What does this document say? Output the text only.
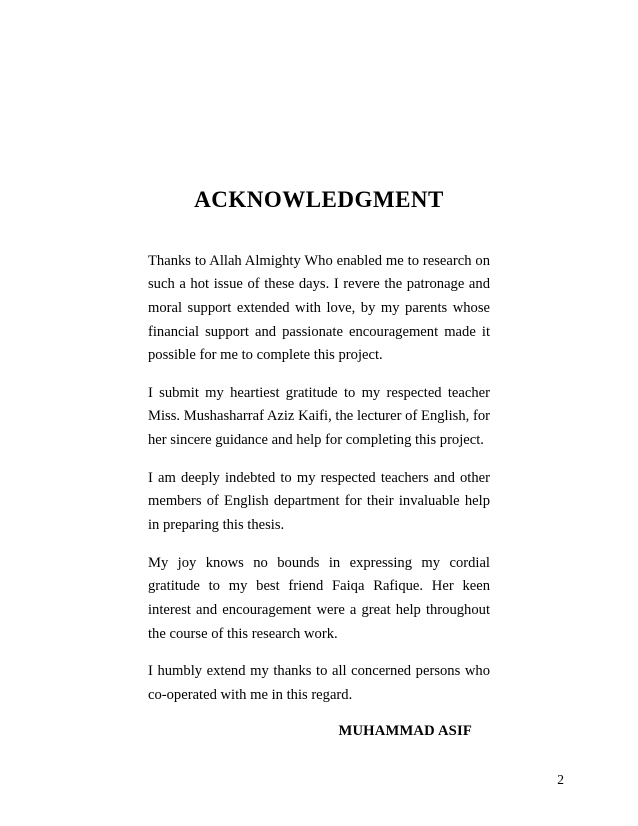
ACKNOWLEDGMENT

Thanks to Allah Almighty Who enabled me to research on such a hot issue of these days. I revere the patronage and moral support extended with love, by my parents whose financial support and passionate encouragement made it possible for me to complete this project.

I submit my heartiest gratitude to my respected teacher Miss. Mushasharraf Aziz Kaifi, the lecturer of English, for her sincere guidance and help for completing this project.

I am deeply indebted to my respected teachers and other members of English department for their invaluable help in preparing this thesis.

My joy knows no bounds in expressing my cordial gratitude to my best friend Faiqa Rafique. Her keen interest and encouragement were a great help throughout the course of this research work.

I humbly extend my thanks to all concerned persons who co-operated with me in this regard.

MUHAMMAD ASIF
2
